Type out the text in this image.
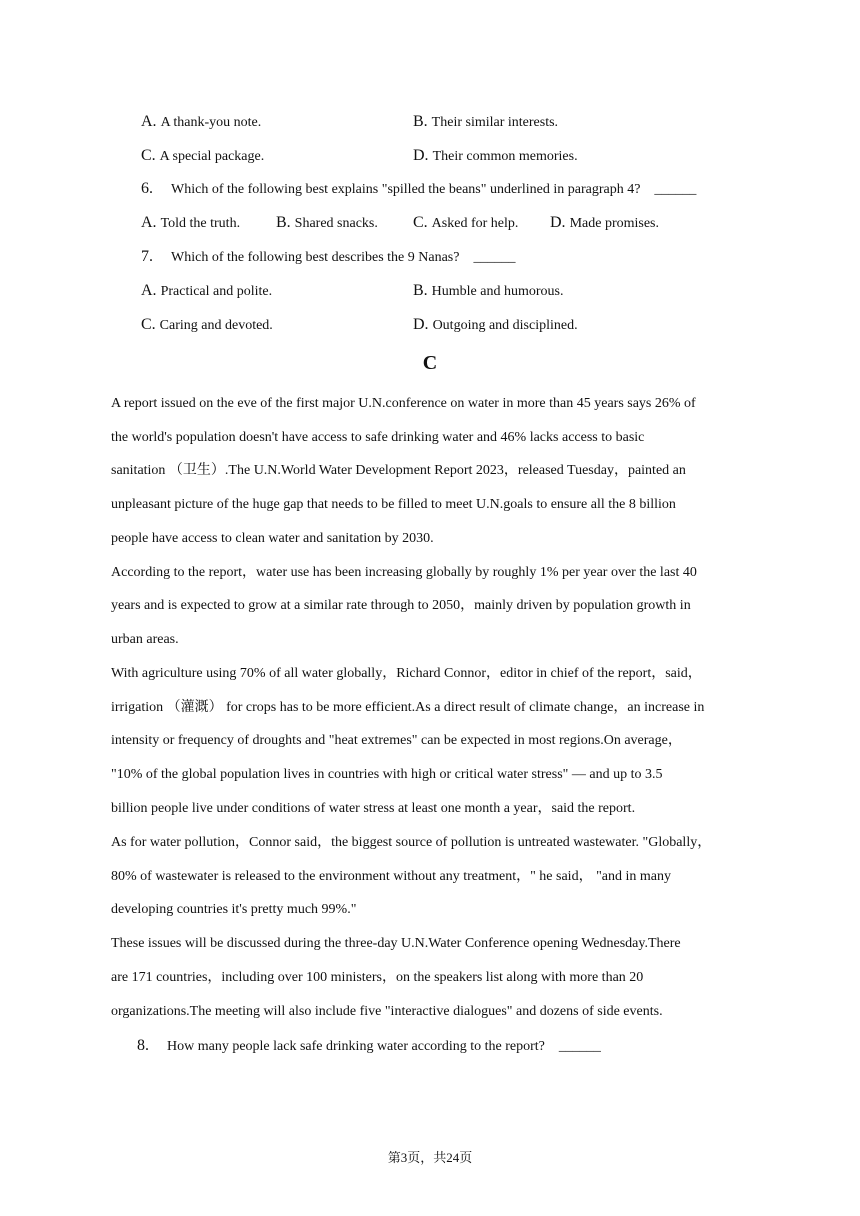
A. A thank-you note.	B. Their similar interests.
C. A special package.	D. Their common memories.
6. Which of the following best explains "spilled the beans" underlined in paragraph 4? ______
A. Told the truth. B. Shared snacks. C. Asked for help. D. Made promises.
7. Which of the following best describes the 9 Nanas? ______
A. Practical and polite.	B. Humble and humorous.
C. Caring and devoted.	D. Outgoing and disciplined.
C
A report issued on the eve of the first major U.N.conference on water in more than 45 years says 26% of
the world's population doesn't have access to safe drinking water and 46% lacks access to basic
sanitation （卫生）.The U.N.World Water Development Report 2023，released Tuesday，painted an
unpleasant picture of the huge gap that needs to be filled to meet U.N.goals to ensure all the 8 billion
people have access to clean water and sanitation by 2030.
According to the report，water use has been increasing globally by roughly 1% per year over the last 40
years and is expected to grow at a similar rate through to 2050，mainly driven by population growth in
urban areas.
With agriculture using 70% of all water globally，Richard Connor，editor in chief of the report，said，
irrigation （灌溉） for crops has to be more efficient.As a direct result of climate change，an increase in
intensity or frequency of droughts and "heat extremes" can be expected in most regions.On average，
"10% of the global population lives in countries with high or critical water stress" — and up to 3.5
billion people live under conditions of water stress at least one month a year，said the report.
As for water pollution，Connor said，the biggest source of pollution is untreated wastewater. "Globally，
80% of wastewater is released to the environment without any treatment，" he said， "and in many
developing countries it's pretty much 99%."
These issues will be discussed during the three-day U.N.Water Conference opening Wednesday.There
are 171 countries，including over 100 ministers，on the speakers list along with more than 20
organizations.The meeting will also include five "interactive dialogues" and dozens of side events.
8. How many people lack safe drinking water according to the report? ______
第3页，共24页
